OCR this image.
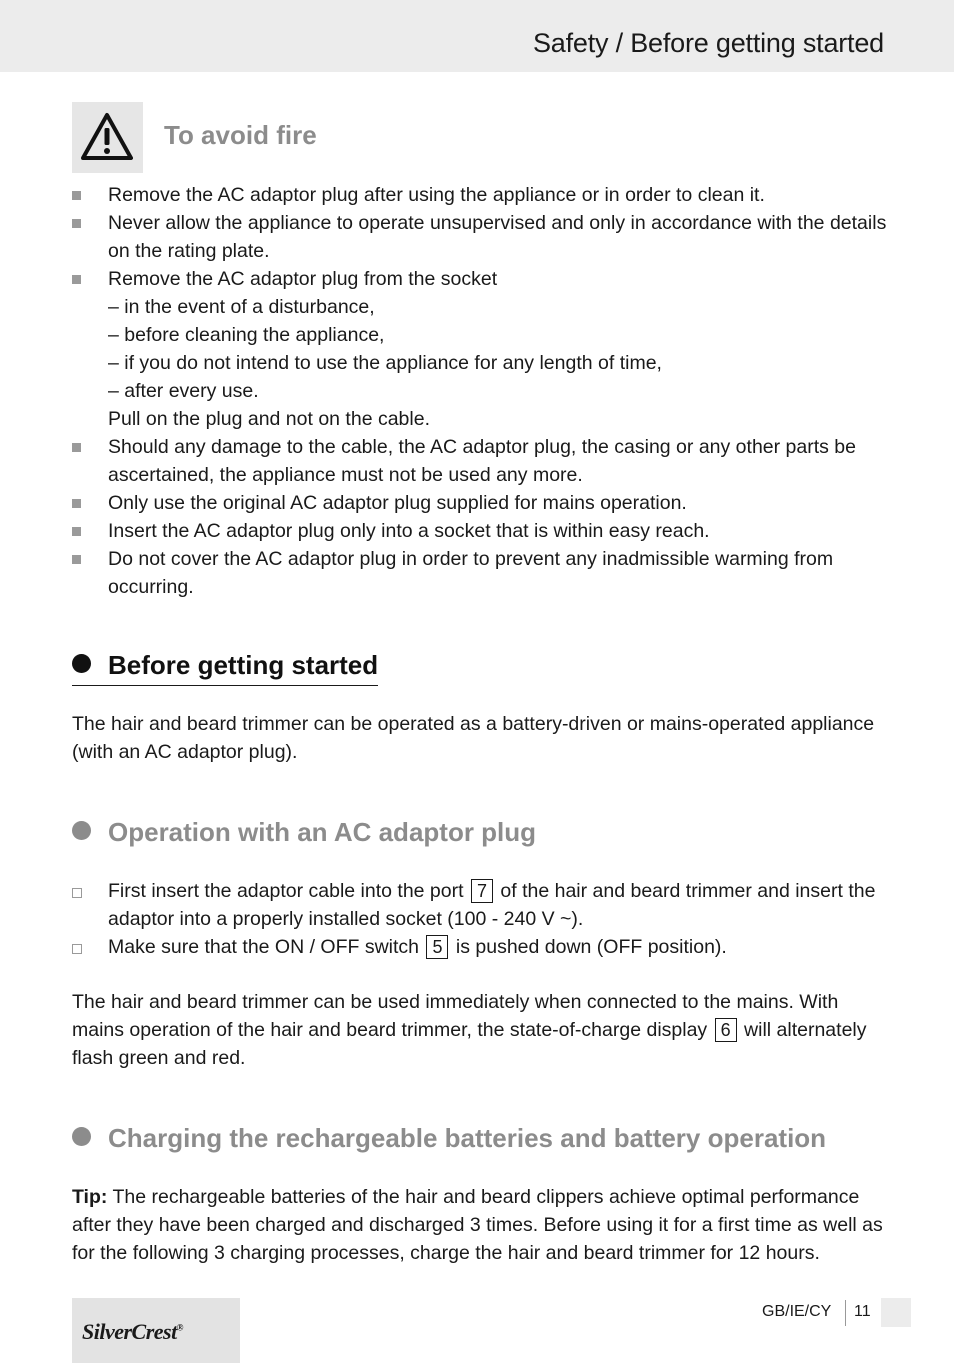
Safety / Before getting started
To avoid fire
Remove the AC adaptor plug after using the appliance or in order to clean it.
Never allow the appliance to operate unsupervised and only in accordance with the details on the rating plate.
Remove the AC adaptor plug from the socket
– in the event of a disturbance,
– before cleaning the appliance,
– if you do not intend to use the appliance for any length of time,
– after every use.
Pull on the plug and not on the cable.
Should any damage to the cable, the AC adaptor plug, the casing or any other parts be ascertained, the appliance must not be used any more.
Only use the original AC adaptor plug supplied for mains operation.
Insert the AC adaptor plug only into a socket that is within easy reach.
Do not cover the AC adaptor plug in order to prevent any inadmissible warming from occurring.
Before getting started
The hair and beard trimmer can be operated as a battery-driven or mains-operated appliance (with an AC adaptor plug).
Operation with an AC adaptor plug
First insert the adaptor cable into the port 7 of the hair and beard trimmer and insert the adaptor into a properly installed socket (100 - 240 V ~).
Make sure that the ON / OFF switch 5 is pushed down (OFF position).
The hair and beard trimmer can be used immediately when connected to the mains. With mains operation of the hair and beard trimmer, the state-of-charge display 6 will alternately flash green and red.
Charging the rechargeable batteries and battery operation
Tip: The rechargeable batteries of the hair and beard clippers achieve optimal performance after they have been charged and discharged 3 times. Before using it for a first time as well as for the following 3 charging processes, charge the hair and beard trimmer for 12 hours.
SilverCrest®
GB/IE/CY 11
